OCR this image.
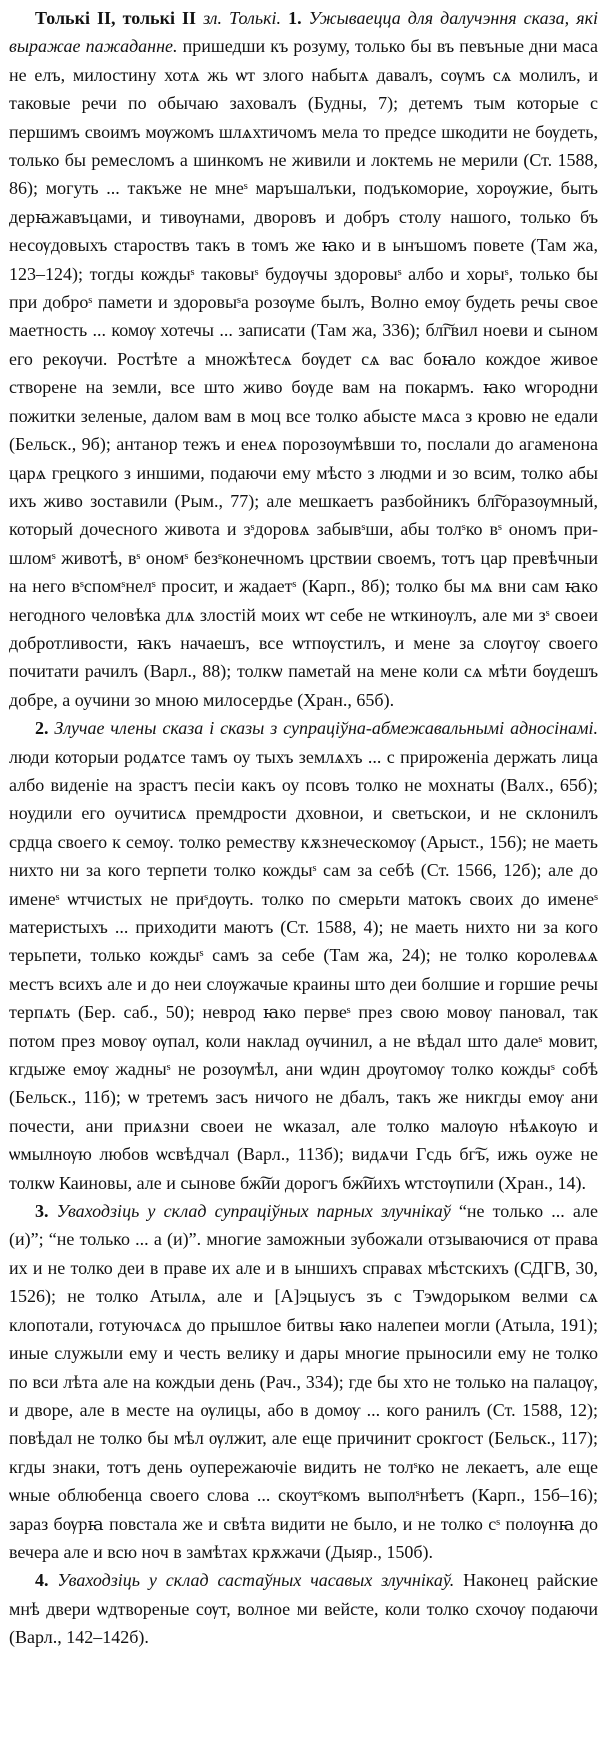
Толькі ІІ, толькі ІІ зл. Толькі. 1. Ужываецца для далучэння сказа, які выражае пажаданне. пришедши къ розуму, только бы въ певъные дни маса не елъ, милостину хотѧ жь ѡт злого набытѧ давалъ, сѹмъ сѧ молилъ, и таковые речи по обычаю заховалъ (Будны, 7); детемъ тым которые с першимъ своимъ мѹжомъ шлѧхтичомъ мела то предсе шкодити не бѹдеть, только бы ремесломъ а шинкомъ не живили и локтемь не мерили (Ст. 1588, 86); могуть ... такъже не мнеˢ маръшалъки, подъкоморие, хорѹжие, быть дерꙗжавъцами, и тивѹнами, дворовъ и добръ столу нашого, только бъ несѹдовыхъ староствъ такъ в томъ же ꙗко и в ынъшомъ повете (Там жа, 123–124); тогды кождыˢ таковыˢ будѹчы здоровыˢ албо и хорыˢ, только бы при доброˢ памети и здоровыˢа розѹме былъ, Волно емѹ будеть речы свое маетность ... комѹ хотечы ... записати (Там жа, 336); бл͠гвил ноеви и сыном его рекѹчи. Ростѣте а множѣтесѧ бѹдет сѧ вас боꙗло кождое живое створене на земли, все што живо бѹде вам на покармъ. ꙗко ѡгородни пожитки зеленые, далом вам в моц все толко абысте мѧса з кровю не едали (Бельск., 9б); антанор тежъ и енеѧ порозѹмѣвши то, послали до агаменона царѧ грецкого з иншими, подаючи ему мѣсто з людми и зо всим, толко абы ихъ живо зоставили (Рым., 77); але мешкаетъ разбойникъ бл͠горазѹмный, который дочесного живота и зˢдоровѧ забывˢши, абы толˢко вˢ ономъ пришломˢ животѣ, вˢ ономˢ безˢконечномъ црствии своемъ, тотъ цар превѣчныи на него вˢспомˢнелˢ просит, и жадаетˢ (Карп., 8б); толко бы мѧ вни сам ꙗко негодного человѣка длѧ злостій моих ѡт себе не ѡткинѹлъ, але ми зˢ своеи добротливости, ꙗкъ начаешъ, все ѡтпѹстилъ, и мене за слѹгѹ своего почитати рачилъ (Варл., 88); толкѡ паметай на мене коли сѧ мѣти бѹдешъ добре, а оучини зо мною милосердье (Хран., 65б).

2. Злучае члены сказа і сказы з супрацiўна-абмежавальнымі адносінамі. люди которыи родѧтсе тамъ оу тыхъ землѧхъ ... с прироженiа держать лица албо виденiе на зрастъ песiи какъ оу псовъ толко не мохнаты (Валх., 65б); ноудили его оучитисѧ премдрости дховнои, и светьскои, и не склонилъ срдца своего к семѹ. толко реместву кѫзнеческомѹ (Арыст., 156); не маеть нихто ни за кого терпети толко кождыˢ сам за себѣ (Ст. 1566, 12б); але до именеˢ ѡтчистых не приˢдѹть. толко по смерьти матокъ своих до именеˢ материстыхъ ... приходити маютъ (Ст. 1588, 4); не маеть нихто ни за кого терьпети, только кождыˢ самъ за себе (Там жа, 24); не толко королевѧѧ местъ всихъ але и до неи слѹжачые краины што деи болшие и горшие речы терпѧть (Бер. саб., 50); неврод ꙗко первеˢ през свою мовѹ панoвал, так потом през мовѹ ѹпал, коли наклад ѹчинил, а не вѣдал што далеˢ мовит, кгдыже емѹ жадныˢ не розѹмѣл, ани ѡдин дрѹгомѹ толко кождыˢ собѣ (Бельск., 11б); ѡ третемъ засъ ничого не дбалъ, такъ же никгды емѹ ани почести, ани приѧзни своеи не ѡказал, але толко малѹю нѣѧкѹю и ѡмылнѹю любов ѡсвѣдчал (Варл., 113б); видѧчи Гсдь бг͠ъ, ижь оуже не толкѡ Каиновы, але и сынове бж͠ии дорогъ бж͠иихъ ѡтстѹпили (Хран., 14).

3. Уваходзіць у склад супрацiўных парных злучнікаў “не только ... але (и)”; “не только ... а (и)”. многие заможныи зубожали отзываючися от права их и не толко деи в праве их але и в ыншихъ справах мѣстскихъ (СДГВ, 30, 1526); не толко Атылѧ, але и [А]эцыусъ зъ с Тэѡдорыком велми сѧ клопотали, готуючѧсѧ до прышлое битвы ꙗко налепеи могли (Атыла, 191); иные служыли ему и честь велику и дары многие прыносили ему не толко по вси лѣта але на кождыи день (Рач., 334); где бы хто не только на палацѹ, и дворе, але в месте на ѹлицы, або в домѹ ... кого ранилъ (Ст. 1588, 12); повѣдал не толко бы мѣл ѹлжит, але еще причинит срокгост (Бельск., 117); кгды знаки, тотъ день оупережаючiе видить не толˢко не лекаетъ, але еще ѡные облюбенца своего слова ... скоутˢкомъ выполˢнѣетъ (Карп., 15б–16); зараз бѹрꙗ повстала же и свѣта видити не было, и не толко сˢ полѹнꙗ до вечера але и всю ноч в замѣтах крѫжачи (Дыяр., 150б).

4. Уваходзіць у склад састаўных часавых злучнікаў. Наконец райские мнѣ двери ѡдтвореные сѹт, волное ми вейсте, коли толко схочѹ подаючи (Варл., 142–142б).
